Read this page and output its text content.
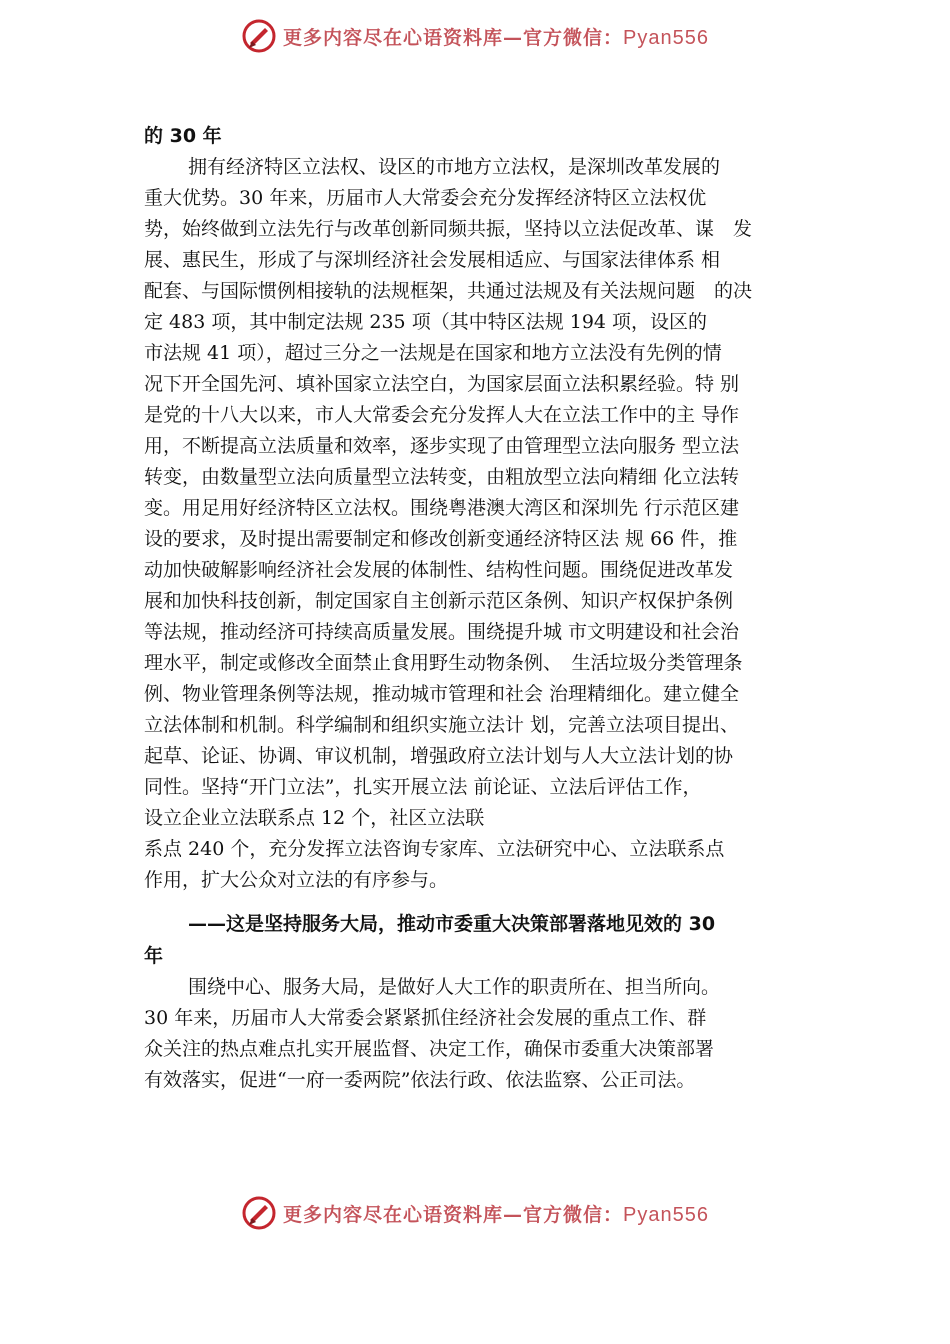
更多内容尽在心语资料库—官方微信：Pyan556
的 30 年
拥有经济特区立法权、设区的市地方立法权，是深圳改革发展的
重大优势。30 年来，历届市人大常委会充分发挥经济特区立法权优
势，始终做到立法先行与改革创新同频共振，坚持以立法促改革、谋　发
展、惠民生，形成了与深圳经济社会发展相适应、与国家法律体系 相
配套、与国际惯例相接轨的法规框架，共通过法规及有关法规问题　的决
定 483 项，其中制定法规 235 项（其中特区法规 194 项，设区的
市法规 41 项），超过三分之一法规是在国家和地方立法没有先例的情
况下开全国先河、填补国家立法空白，为国家层面立法积累经验。特 别
是党的十八大以来，市人大常委会充分发挥人大在立法工作中的主 导作
用，不断提高立法质量和效率，逐步实现了由管理型立法向服务 型立法
转变，由数量型立法向质量型立法转变，由粗放型立法向精细 化立法转
变。用足用好经济特区立法权。围绕粤港澳大湾区和深圳先 行示范区建
设的要求，及时提出需要制定和修改创新变通经济特区法 规 66 件，推
动加快破解影响经济社会发展的体制性、结构性问题。围绕促进改革发
展和加快科技创新，制定国家自主创新示范区条例、知识产权保护条例
等法规，推动经济可持续高质量发展。围绕提升城 市文明建设和社会治
理水平，制定或修改全面禁止食用野生动物条例、　生活垃圾分类管理条
例、物业管理条例等法规，推动城市管理和社会 治理精细化。建立健全
立法体制和机制。科学编制和组织实施立法计 划，完善立法项目提出、
起草、论证、协调、审议机制，增强政府立法计划与人大立法计划的协
同性。坚持“开门立法”，扎实开展立法 前论证、立法后评估工作，
设立企业立法联系点 12 个，社区立法联
系点 240 个，充分发挥立法咨询专家库、立法研究中心、立法联系点
作用，扩大公众对立法的有序参与。
——这是坚持服务大局，推动市委重大决策部署落地见效的 30
年
围绕中心、服务大局，是做好人大工作的职责所在、担当所向。
30 年来，历届市人大常委会紧紧抓住经济社会发展的重点工作、群
众关注的热点难点扎实开展监督、决定工作，确保市委重大决策部署
有效落实，促进“一府一委两院”依法行政、依法监察、公正司法。
更多内容尽在心语资料库—官方微信：Pyan556
